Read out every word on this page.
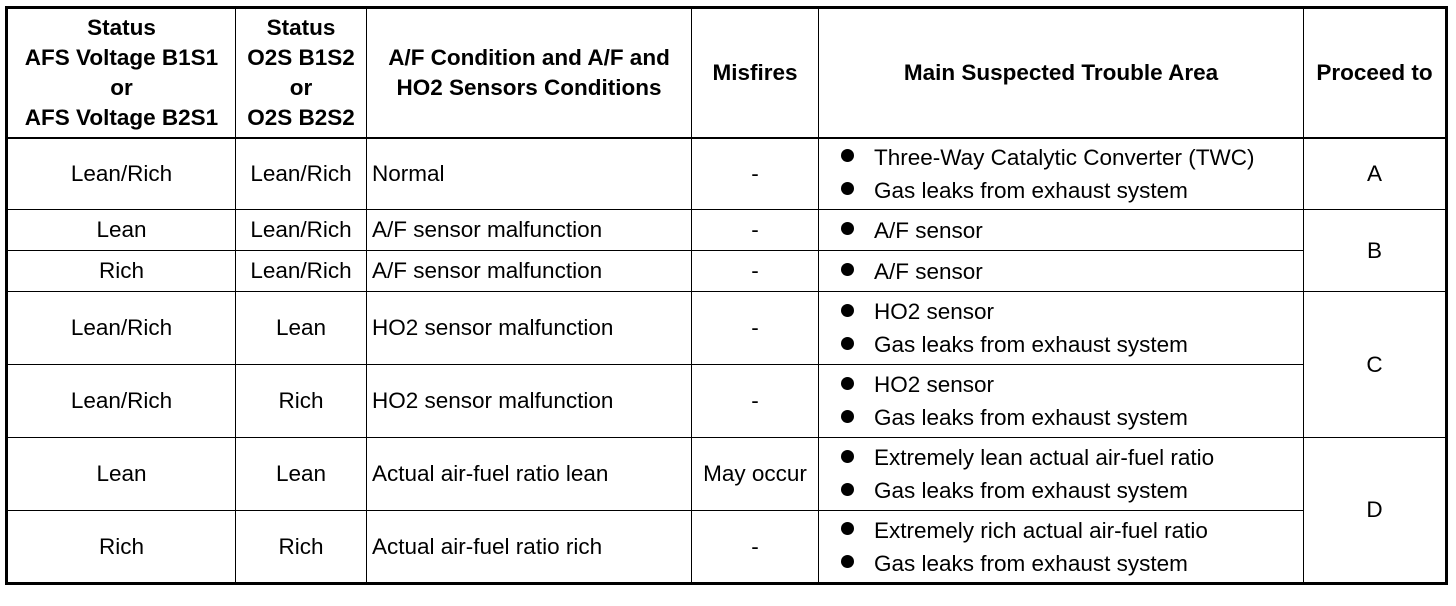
Status
AFS Voltage B1S1
or
AFS Voltage B2S1	Status
O2S B1S2
or
O2S B2S2	A/F Condition and A/F and
HO2 Sensors Conditions	Misfires	Main Suspected Trouble Area	Proceed to
Lean/Rich	Lean/Rich	Normal	-	Three-Way Catalytic Converter (TWC)
Gas leaks from exhaust system	A
Lean	Lean/Rich	A/F sensor malfunction	-	A/F sensor	B
Rich	Lean/Rich	A/F sensor malfunction	-	A/F sensor	

Lean/Rich	Lean	HO2 sensor malfunction	-	HO2 sensor
Gas leaks from exhaust system	C
Lean/Rich	Rich	HO2 sensor malfunction	-	HO2 sensor
Gas leaks from exhaust system	

Lean	Lean	Actual air-fuel ratio lean	May occur	Extremely lean actual air-fuel ratio
Gas leaks from exhaust system	D
Rich	Rich	Actual air-fuel ratio rich	-	Extremely rich actual air-fuel ratio
Gas leaks from exhaust system	
